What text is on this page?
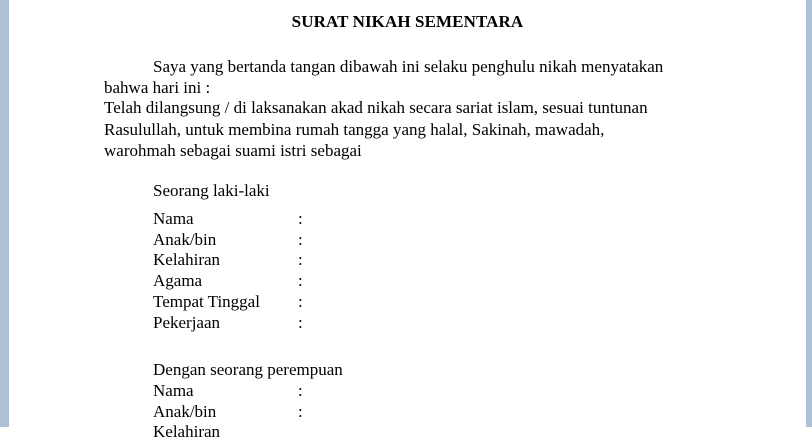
SURAT NIKAH SEMENTARA
Saya yang bertanda tangan dibawah ini selaku penghulu nikah menyatakan
bahwa hari ini :
Telah dilangsung / di laksanakan akad nikah secara sariat islam, sesuai tuntunan
Rasulullah, untuk membina rumah tangga yang halal, Sakinah, mawadah,
warohmah sebagai suami istri sebagai
Seorang laki-laki
Nama	:
Anak/bin	:
Kelahiran	:
Agama	:
Tempat Tinggal :
Pekerjaan	:
Dengan seorang perempuan
Nama	:
Anak/bin	:
Kelahiran
